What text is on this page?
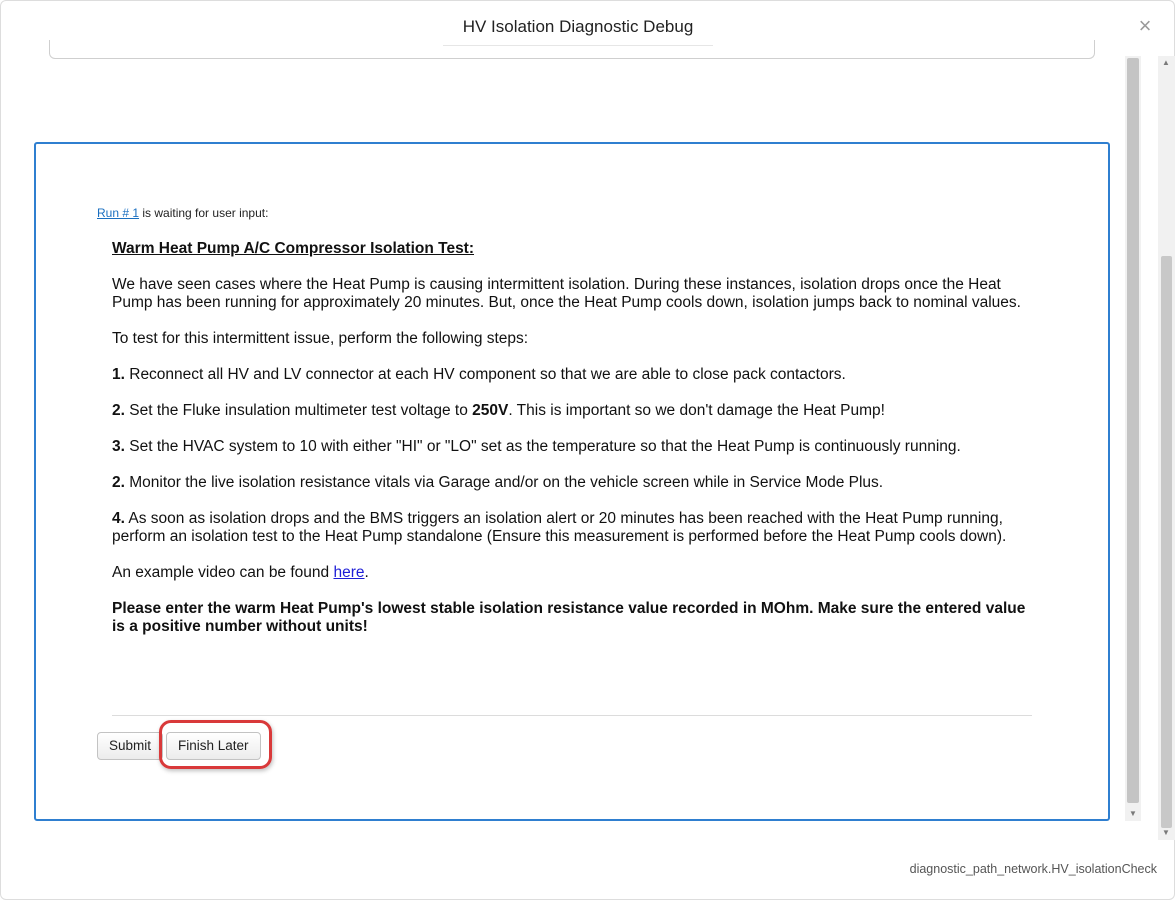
HV Isolation Diagnostic Debug	×
Run # 1 is waiting for user input:

Warm Heat Pump A/C Compressor Isolation Test:

We have seen cases where the Heat Pump is causing intermittent isolation. During these instances, isolation drops once the Heat Pump has been running for approximately 20 minutes. But, once the Heat Pump cools down, isolation jumps back to nominal values.

To test for this intermittent issue, perform the following steps:

1. Reconnect all HV and LV connector at each HV component so that we are able to close pack contactors.

2. Set the Fluke insulation multimeter test voltage to 250V. This is important so we don't damage the Heat Pump!

3. Set the HVAC system to 10 with either "HI" or "LO" set as the temperature so that the Heat Pump is continuously running.

2. Monitor the live isolation resistance vitals via Garage and/or on the vehicle screen while in Service Mode Plus.

4. As soon as isolation drops and the BMS triggers an isolation alert or 20 minutes has been reached with the Heat Pump running, perform an isolation test to the Heat Pump standalone (Ensure this measurement is performed before the Heat Pump cools down).

An example video can be found here.

Please enter the warm Heat Pump's lowest stable isolation resistance value recorded in MOhm. Make sure the entered value is a positive number without units!

Submit	Finish Later
▼
▲
▼
diagnostic_path_network.HV_isolationCheck
